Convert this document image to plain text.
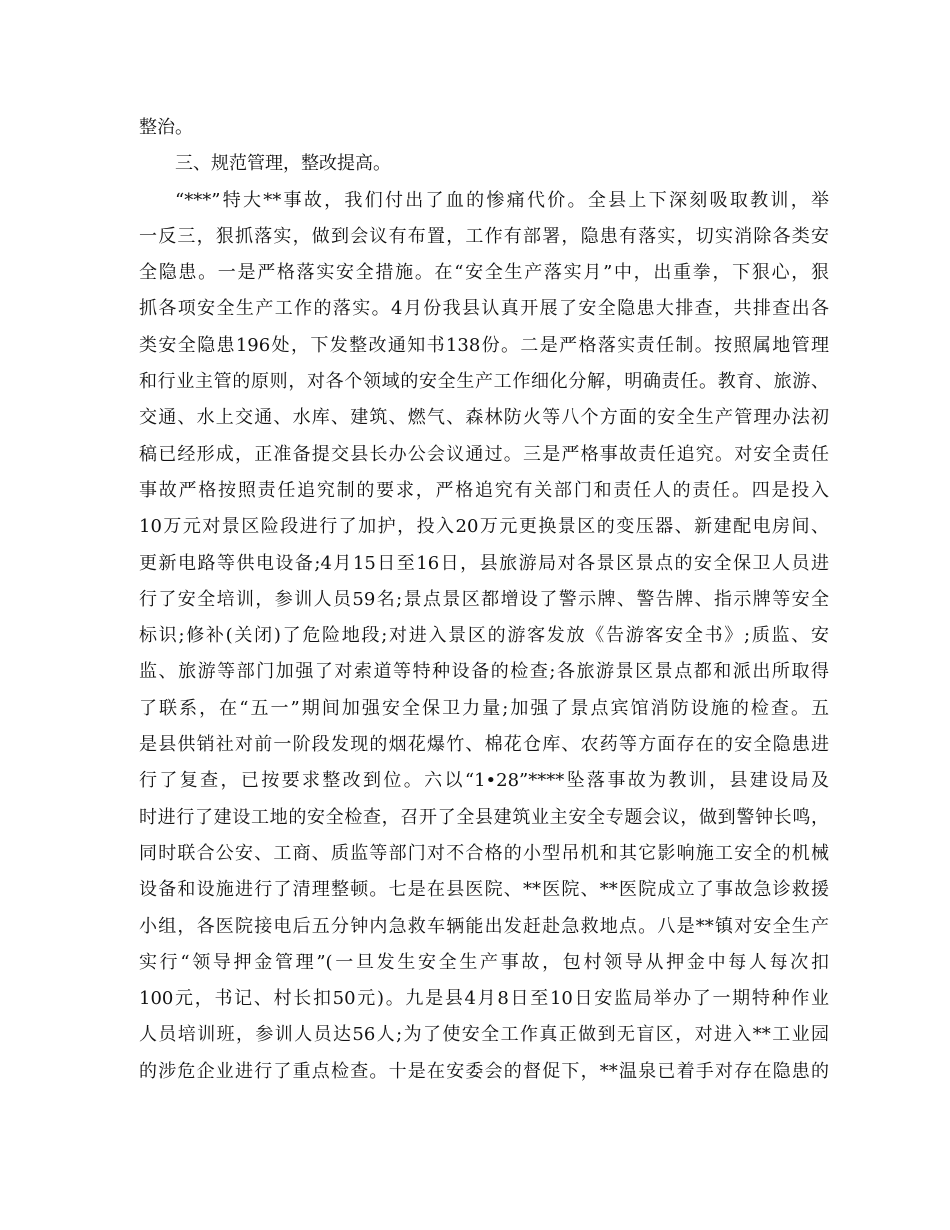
整治。
三、规范管理，整改提高。
“***”特大**事故，我们付出了血的惨痛代价。全县上下深刻吸取教训，举
一反三，狠抓落实，做到会议有布置，工作有部署，隐患有落实，切实消除各类安
全隐患。一是严格落实安全措施。在“安全生产落实月”中，出重拳，下狠心，狠
抓各项安全生产工作的落实。4月份我县认真开展了安全隐患大排查，共排查出各
类安全隐患196处，下发整改通知书138份。二是严格落实责任制。按照属地管理
和行业主管的原则，对各个领域的安全生产工作细化分解，明确责任。教育、旅游、
交通、水上交通、水库、建筑、燃气、森林防火等八个方面的安全生产管理办法初
稿已经形成，正准备提交县长办公会议通过。三是严格事故责任追究。对安全责任
事故严格按照责任追究制的要求，严格追究有关部门和责任人的责任。四是投入
10万元对景区险段进行了加护，投入20万元更换景区的变压器、新建配电房间、
更新电路等供电设备;4月15日至16日，县旅游局对各景区景点的安全保卫人员进
行了安全培训，参训人员59名;景点景区都增设了警示牌、警告牌、指示牌等安全
标识;修补(关闭)了危险地段;对进入景区的游客发放《告游客安全书》;质监、安
监、旅游等部门加强了对索道等特种设备的检查;各旅游景区景点都和派出所取得
了联系，在“五一”期间加强安全保卫力量;加强了景点宾馆消防设施的检查。五
是县供销社对前一阶段发现的烟花爆竹、棉花仓库、农药等方面存在的安全隐患进
行了复查，已按要求整改到位。六以“1•28”****坠落事故为教训，县建设局及
时进行了建设工地的安全检查，召开了全县建筑业主安全专题会议，做到警钟长鸣，
同时联合公安、工商、质监等部门对不合格的小型吊机和其它影响施工安全的机械
设备和设施进行了清理整顿。七是在县医院、**医院、**医院成立了事故急诊救援
小组，各医院接电后五分钟内急救车辆能出发赶赴急救地点。八是**镇对安全生产
实行“领导押金管理”(一旦发生安全生产事故，包村领导从押金中每人每次扣
100元，书记、村长扣50元)。九是县4月8日至10日安监局举办了一期特种作业
人员培训班，参训人员达56人;为了使安全工作真正做到无盲区，对进入**工业园
的涉危企业进行了重点检查。十是在安委会的督促下，**温泉已着手对存在隐患的
